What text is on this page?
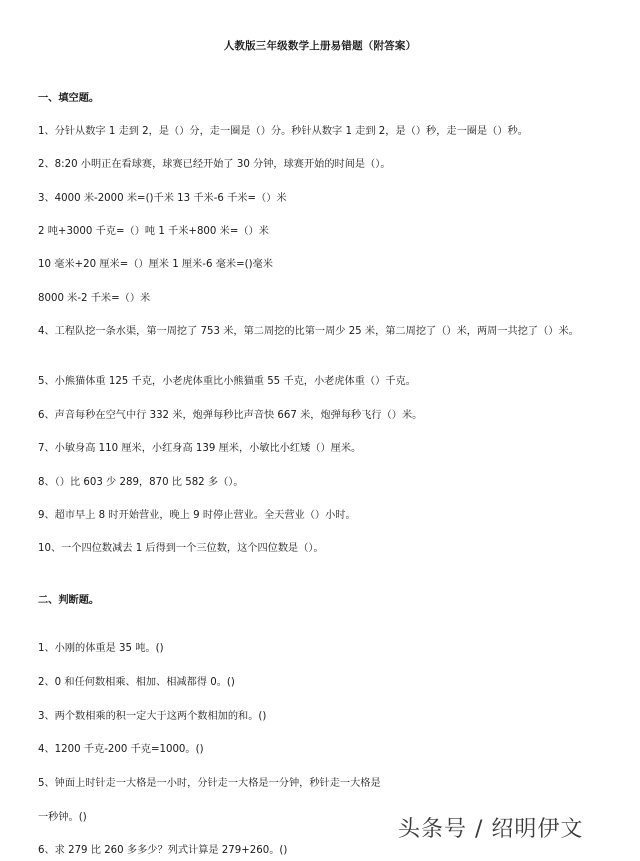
人教版三年级数学上册易错题（附答案）
一、填空题。
1、分针从数字 1 走到 2，是（）分，走一圈是（）分。秒针从数字 1 走到 2，是（）秒，走一圈是（）秒。
2、8:20 小明正在看球赛，球赛已经开始了 30 分钟，球赛开始的时间是（）。
3、4000 米-2000 米=()千米 13 千米-6 千米=（）米
2 吨+3000 千克=（）吨 1 千米+800 米=（）米
10 毫米+20 厘米=（）厘米 1 厘米-6 毫米=()毫米
8000 米-2 千米=（）米
4、工程队挖一条水渠，第一周挖了 753 米，第二周挖的比第一周少 25 米，第二周挖了（）米，两周一共挖了（）米。
5、小熊猫体重 125 千克，小老虎体重比小熊猫重 55 千克，小老虎体重（）千克。
6、声音每秒在空气中行 332 米，炮弹每秒比声音快 667 米，炮弹每秒飞行（）米。
7、小敏身高 110 厘米，小红身高 139 厘米，小敏比小红矮（）厘米。
8、（）比 603 少 289，870 比 582 多（）。
9、超市早上 8 时开始营业，晚上 9 时停止营业。全天营业（）小时。
10、一个四位数减去 1 后得到一个三位数，这个四位数是（）。
二、判断题。
1、小刚的体重是 35 吨。()
2、0 和任何数相乘、相加、相减都得 0。()
3、两个数相乘的积一定大于这两个数相加的和。()
4、1200 千克-200 千克=1000。()
5、钟面上时针走一大格是一小时，分针走一大格是一分钟，秒针走一大格是
一秒钟。()
6、求 279 比 260 多多少？列式计算是 279+260。()
头条号 / 绍明伊文
